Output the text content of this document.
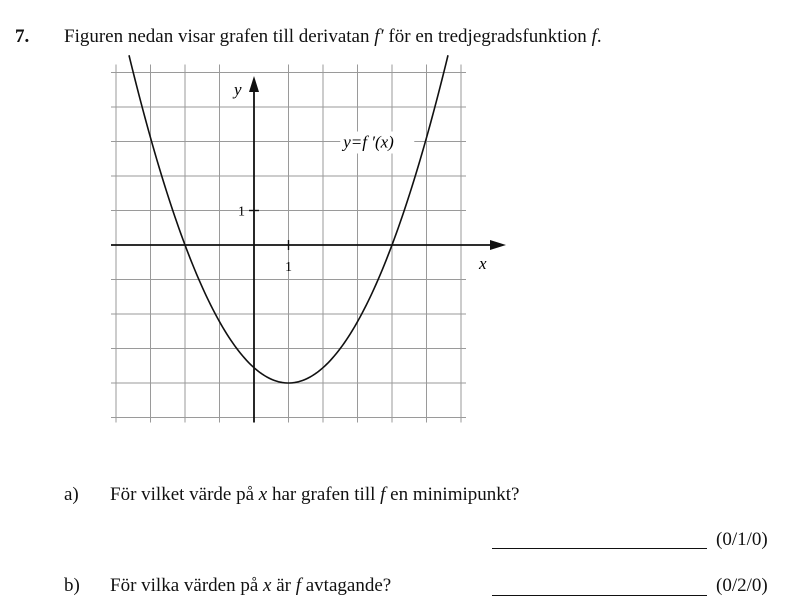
7. Figuren nedan visar grafen till derivatan f′ för en tredjegradsfunktion f.
y
x
1
1
y=f ′(x)
a) För vilket värde på x har grafen till f en minimipunkt?
(0/1/0)
b) För vilka värden på x är f avtagande?	(0/2/0)
